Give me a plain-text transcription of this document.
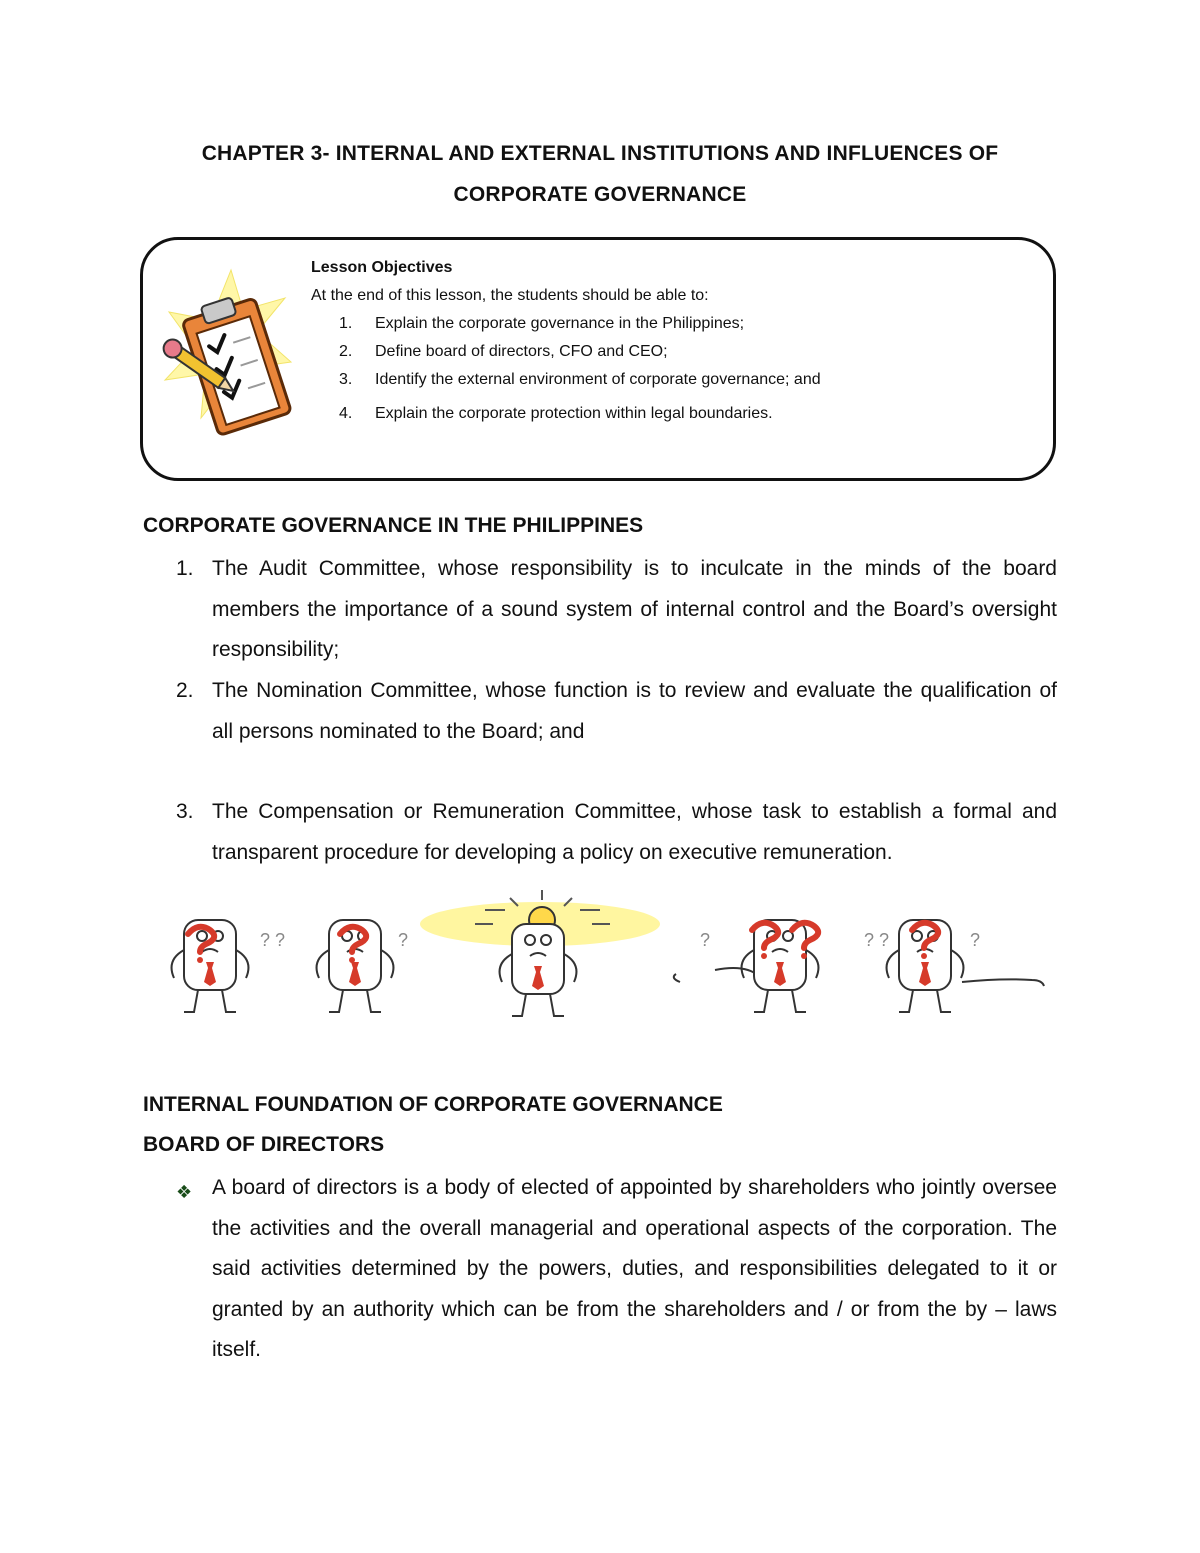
CHAPTER 3- INTERNAL AND EXTERNAL INSTITUTIONS AND INFLUENCES OF
CORPORATE GOVERNANCE
Lesson Objectives
At the end of this lesson, the students should be able to:
1. Explain the corporate governance in the Philippines;
2. Define board of directors, CFO and CEO;
3. Identify the external environment of corporate governance; and
4. Explain the corporate protection within legal boundaries.
CORPORATE GOVERNANCE IN THE PHILIPPINES
1. The Audit Committee, whose responsibility is to inculcate in the minds of the board members the importance of a sound system of internal control and the Board’s oversight responsibility;
2. The Nomination Committee, whose function is to review and evaluate the qualification of all persons nominated to the Board; and
3. The Compensation or Remuneration Committee, whose task to establish a formal and transparent procedure for developing a policy on executive remuneration.
? ?	?	?	? ?	?
INTERNAL FOUNDATION OF CORPORATE GOVERNANCE
BOARD OF DIRECTORS
❖ A board of directors is a body of elected of appointed by shareholders who jointly oversee the activities and the overall managerial and operational aspects of the corporation. The said activities determined by the powers, duties, and responsibilities delegated to it or granted by an authority which can be from the shareholders and / or from the by – laws itself.
